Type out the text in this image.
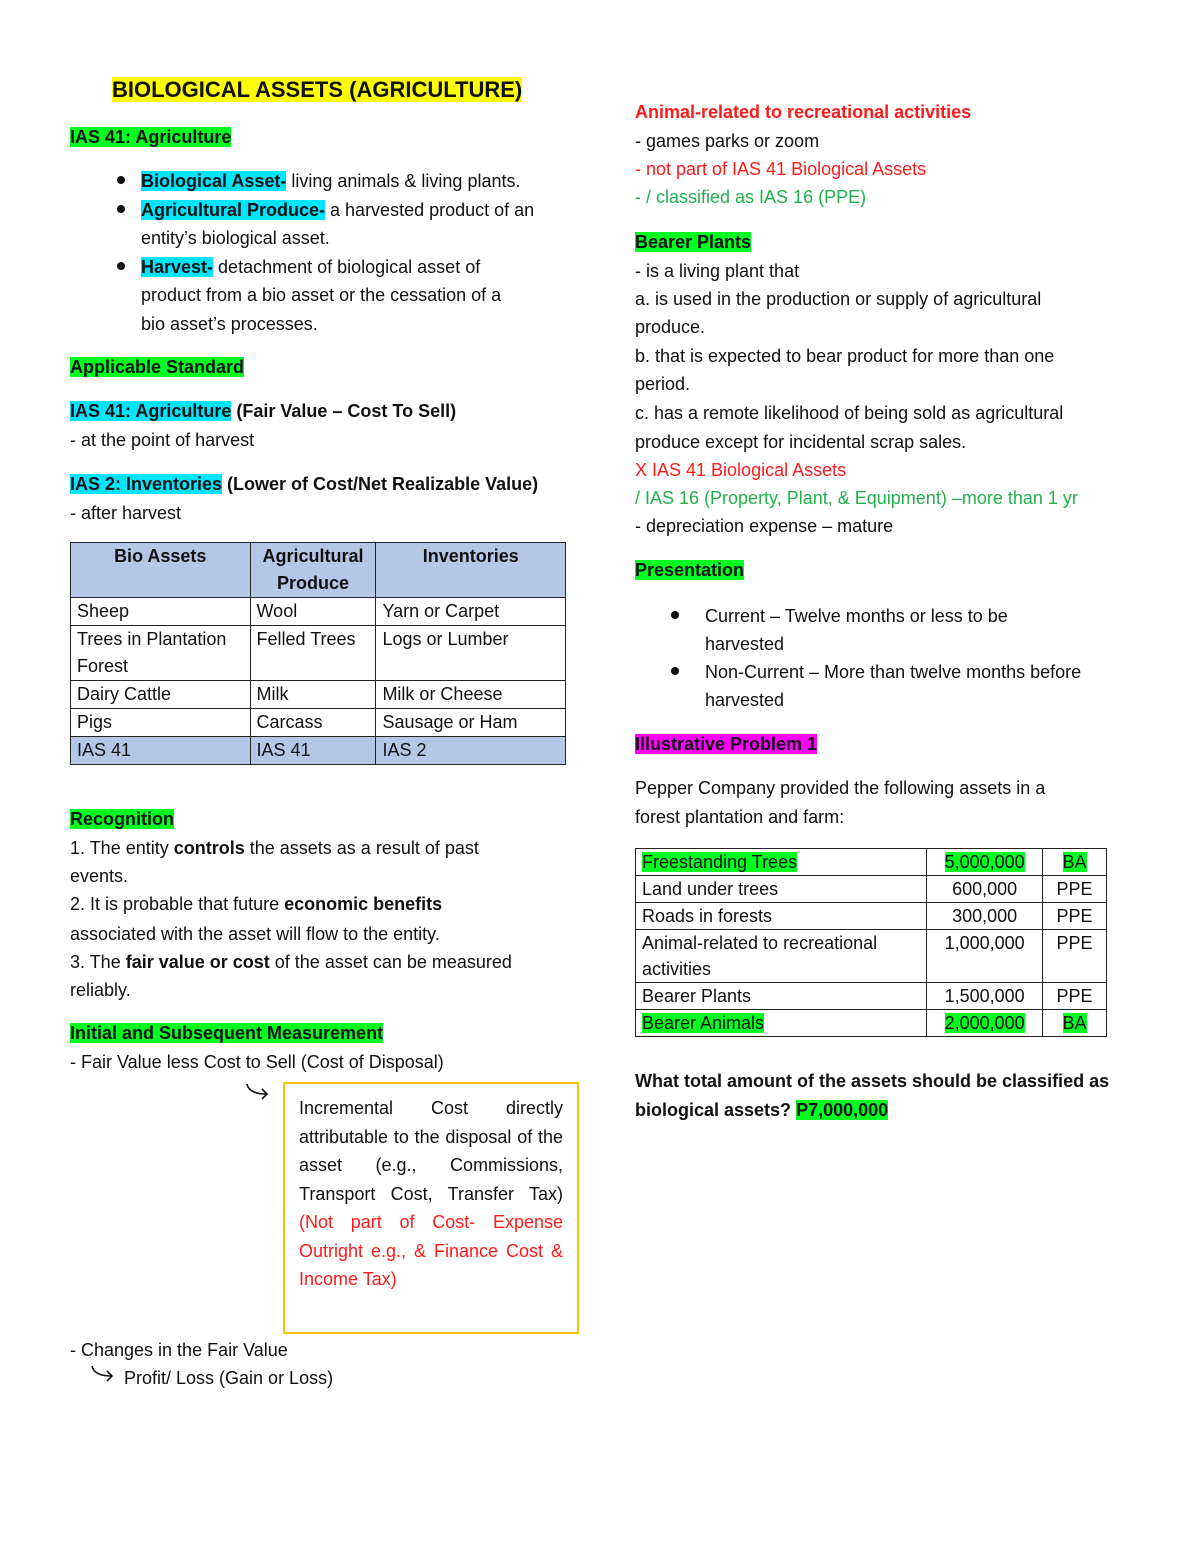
BIOLOGICAL ASSETS (AGRICULTURE)
IAS 41: Agriculture
Biological Asset- living animals & living plants.
Agricultural Produce- a harvested product of an
entity’s biological asset.
Harvest- detachment of biological asset of
product from a bio asset or the cessation of a
bio asset’s processes.
Applicable Standard
IAS 41: Agriculture (Fair Value – Cost To Sell)
- at the point of harvest
IAS 2: Inventories (Lower of Cost/Net Realizable Value)
- after harvest
Bio Assets	Agricultural Produce	Inventories
Sheep	Wool	Yarn or Carpet
Trees in Plantation Forest	Felled Trees	Logs or Lumber
Dairy Cattle	Milk	Milk or Cheese
Pigs	Carcass	Sausage or Ham
IAS 41	IAS 41	IAS 2
Recognition
1. The entity controls the assets as a result of past
events.
2. It is probable that future economic benefits
associated with the asset will flow to the entity.
3. The fair value or cost of the asset can be measured
reliably.
Initial and Subsequent Measurement
- Fair Value less Cost to Sell (Cost of Disposal)
- Changes in the Fair Value
Profit/ Loss (Gain or Loss)
Incremental Cost directly attributable to the disposal of the asset (e.g., Commissions, Transport Cost, Transfer Tax) (Not part of Cost- Expense Outright e.g., & Finance Cost & Income Tax)
Animal-related to recreational activities
- games parks or zoom
- not part of IAS 41 Biological Assets
- / classified as IAS 16 (PPE)
Bearer Plants
- is a living plant that
a. is used in the production or supply of agricultural
produce.
b. that is expected to bear product for more than one
period.
c. has a remote likelihood of being sold as agricultural
produce except for incidental scrap sales.
X IAS 41 Biological Assets
/ IAS 16 (Property, Plant, & Equipment) –more than 1 yr
- depreciation expense – mature
Presentation
Current – Twelve months or less to be
harvested
Non-Current – More than twelve months before
harvested
Illustrative Problem 1
Pepper Company provided the following assets in a
forest plantation and farm:
Freestanding Trees	5,000,000	BA
Land under trees	600,000	PPE
Roads in forests	300,000	PPE
Animal-related to recreational activities	1,000,000	PPE
Bearer Plants	1,500,000	PPE
Bearer Animals	2,000,000	BA
What total amount of the assets should be classified as
biological assets? P7,000,000
